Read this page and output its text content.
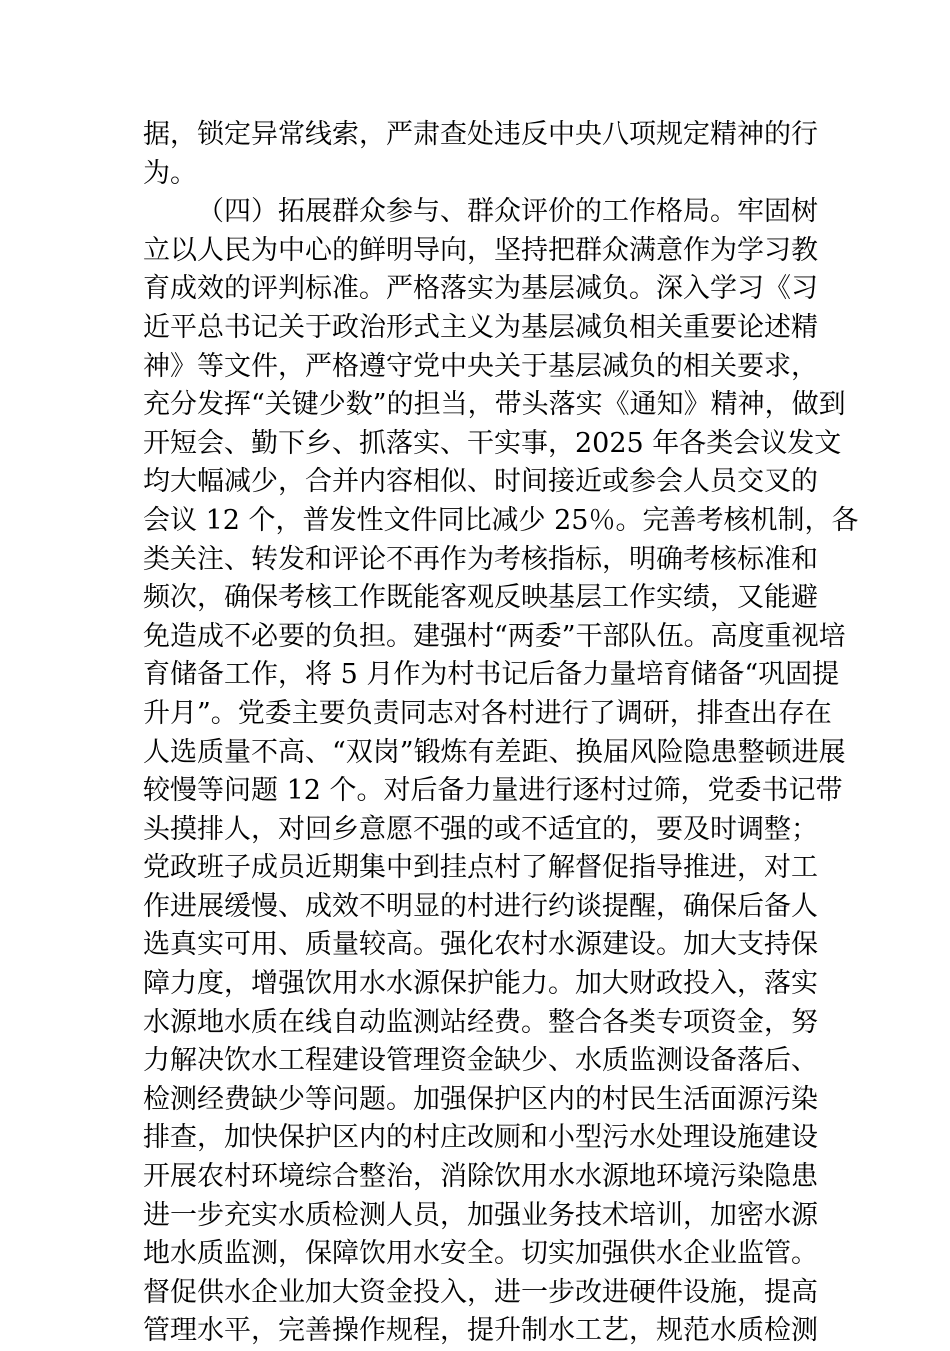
据，锁定异常线索，严肃查处违反中央八项规定精神的行
为。
（四）拓展群众参与、群众评价的工作格局。牢固树
立以人民为中心的鲜明导向，坚持把群众满意作为学习教
育成效的评判标准。严格落实为基层减负。深入学习《习
近平总书记关于政治形式主义为基层减负相关重要论述精
神》等文件，严格遵守党中央关于基层减负的相关要求，
充分发挥“关键少数”的担当，带头落实《通知》精神，做到
开短会、勤下乡、抓落实、干实事，2025 年各类会议发文
均大幅减少，合并内容相似、时间接近或参会人员交叉的
会议 12 个，普发性文件同比减少 25％。完善考核机制，各
类关注、转发和评论不再作为考核指标，明确考核标准和
频次，确保考核工作既能客观反映基层工作实绩，又能避
免造成不必要的负担。建强村“两委”干部队伍。高度重视培
育储备工作，将 5 月作为村书记后备力量培育储备“巩固提
升月”。党委主要负责同志对各村进行了调研，排查出存在
人选质量不高、“双岗”锻炼有差距、换届风险隐患整顿进展
较慢等问题 12 个。对后备力量进行逐村过筛，党委书记带
头摸排人，对回乡意愿不强的或不适宜的，要及时调整；
党政班子成员近期集中到挂点村了解督促指导推进，对工
作进展缓慢、成效不明显的村进行约谈提醒，确保后备人
选真实可用、质量较高。强化农村水源建设。加大支持保
障力度，增强饮用水水源保护能力。加大财政投入，落实
水源地水质在线自动监测站经费。整合各类专项资金，努
力解决饮水工程建设管理资金缺少、水质监测设备落后、
检测经费缺少等问题。加强保护区内的村民生活面源污染
排查，加快保护区内的村庄改厕和小型污水处理设施建设
开展农村环境综合整治，消除饮用水水源地环境污染隐患
进一步充实水质检测人员，加强业务技术培训，加密水源
地水质监测，保障饮用水安全。切实加强供水企业监管。
督促供水企业加大资金投入，进一步改进硬件设施，提高
管理水平，完善操作规程，提升制水工艺，规范水质检测
